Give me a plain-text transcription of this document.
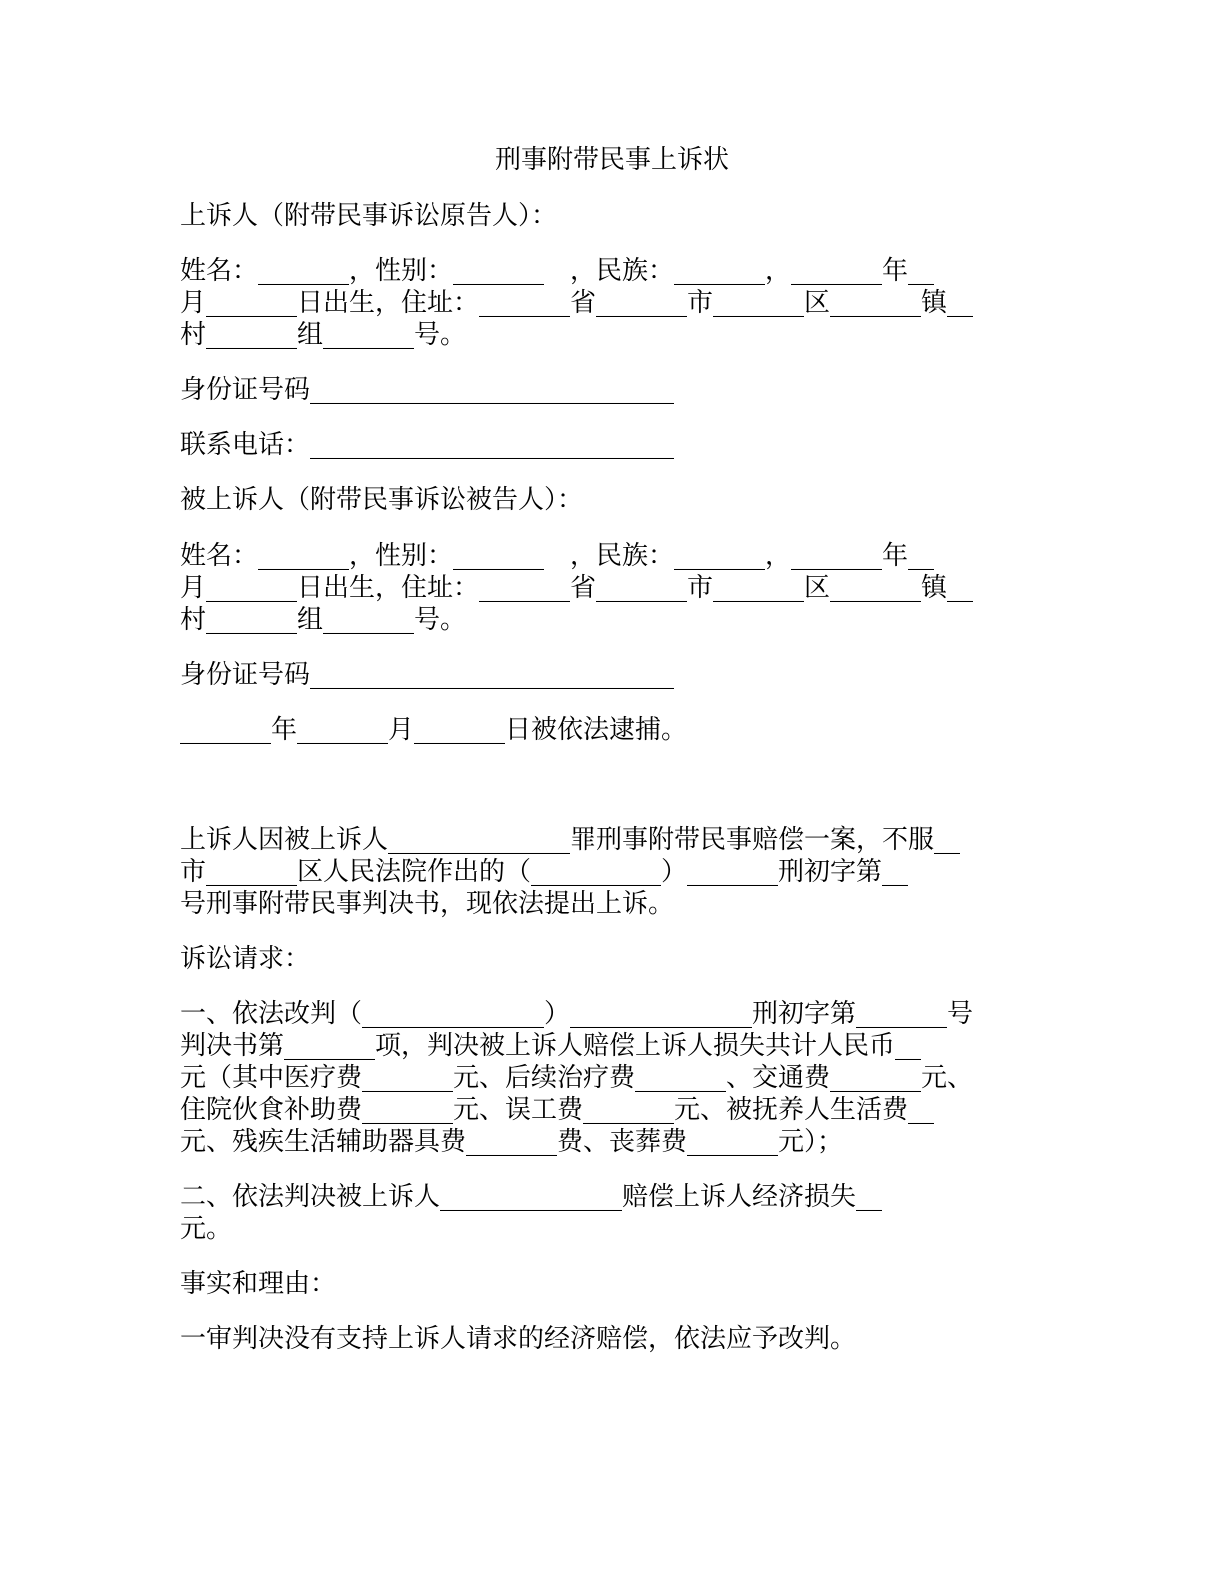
刑事附带民事上诉状
上诉人（附带民事诉讼原告人）：
姓名：_______，性别：_______　，民族：_______，_______年__
月_______日出生，住址：_______省_______市_______区_______镇__
村_______组_______号。
身份证号码____________________________
联系电话：____________________________
被上诉人（附带民事诉讼被告人）：
姓名：_______，性别：_______　，民族：_______，_______年__
月_______日出生，住址：_______省_______市_______区_______镇__
村_______组_______号。
身份证号码____________________________
_______年_______月_______日被依法逮捕。
上诉人因被上诉人______________罪刑事附带民事赔偿一案，不服__
市_______区人民法院作出的（__________）_______刑初字第__
号刑事附带民事判决书，现依法提出上诉。
诉讼请求：
一、依法改判（______________）______________刑初字第_______号
判决书第_______项，判决被上诉人赔偿上诉人损失共计人民币__
元（其中医疗费_______元、后续治疗费_______、交通费_______元、
住院伙食补助费_______元、误工费_______元、被抚养人生活费__
元、残疾生活辅助器具费_______费、丧葬费_______元）；
二、依法判决被上诉人______________赔偿上诉人经济损失__
元。
事实和理由：
一审判决没有支持上诉人请求的经济赔偿，依法应予改判。
